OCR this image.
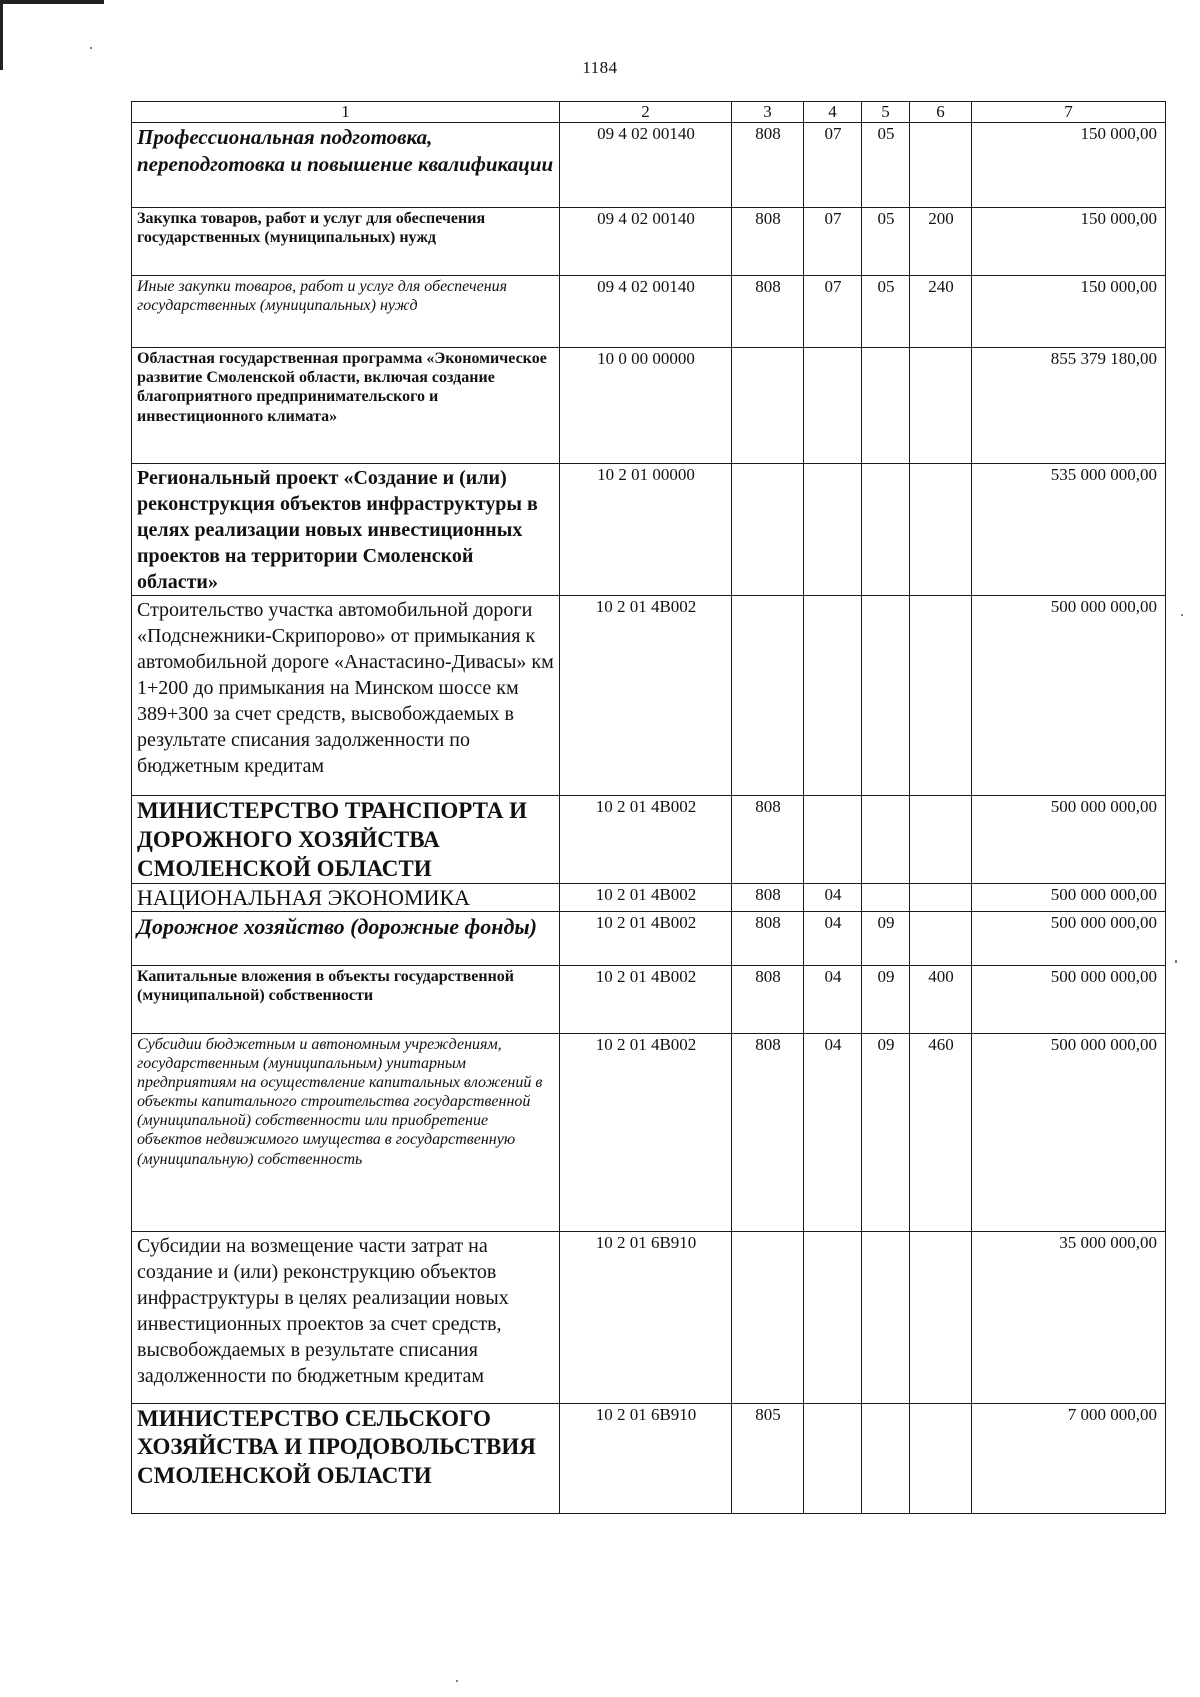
1184
1	2	3	4	5	6	7
Профессиональная подготовка, переподготовка и повышение квалификации	09 4 02 00140	808	07	05		150 000,00
Закупка товаров, работ и услуг для обеспечения государственных (муниципальных) нужд	09 4 02 00140	808	07	05	200	150 000,00
Иные закупки товаров, работ и услуг для обеспечения государственных (муниципальных) нужд	09 4 02 00140	808	07	05	240	150 000,00
Областная государственная программа «Экономическое развитие Смоленской области, включая создание благоприятного предпринимательского и инвестиционного климата»	10 0 00 00000					855 379 180,00
Региональный проект «Создание и (или) реконструкция объектов инфраструктуры в целях реализации новых инвестиционных проектов на территории Смоленской области»	10 2 01 00000					535 000 000,00
Строительство участка автомобильной дороги «Подснежники-Скрипорово» от примыкания к автомобильной дороге «Анастасино-Дивасы» км 1+200 до примыкания на Минском шоссе км 389+300 за счет средств, высвобождаемых в результате списания задолженности по бюджетным кредитам	10 2 01 4В002					500 000 000,00
МИНИСТЕРСТВО ТРАНСПОРТА И ДОРОЖНОГО ХОЗЯЙСТВА СМОЛЕНСКОЙ ОБЛАСТИ	10 2 01 4В002	808				500 000 000,00
НАЦИОНАЛЬНАЯ ЭКОНОМИКА	10 2 01 4В002	808	04			500 000 000,00
Дорожное хозяйство (дорожные фонды)	10 2 01 4В002	808	04	09		500 000 000,00
Капитальные вложения в объекты государственной (муниципальной) собственности	10 2 01 4В002	808	04	09	400	500 000 000,00
Субсидии бюджетным и автономным учреждениям, государственным (муниципальным) унитарным предприятиям на осуществление капитальных вложений в объекты капитального строительства государственной (муниципальной) собственности или приобретение объектов недвижимого имущества в государственную (муниципальную) собственность	10 2 01 4В002	808	04	09	460	500 000 000,00
Субсидии на возмещение части затрат на создание и (или) реконструкцию объектов инфраструктуры в целях реализации новых инвестиционных проектов за счет средств, высвобождаемых в результате списания задолженности по бюджетным кредитам	10 2 01 6В910					35 000 000,00
МИНИСТЕРСТВО СЕЛЬСКОГО ХОЗЯЙСТВА И ПРОДОВОЛЬСТВИЯ СМОЛЕНСКОЙ ОБЛАСТИ	10 2 01 6В910	805				7 000 000,00
